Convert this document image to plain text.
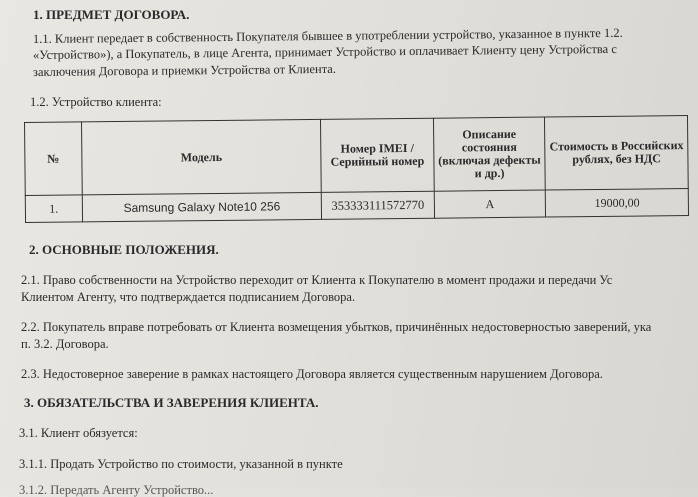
1. ПРЕДМЕТ ДОГОВОРА.
1.1. Клиент передает в собственность Покупателя бывшее в употреблении устройство, указанное в пункте 1.2.
«Устройство»), а Покупатель, в лице Агента, принимает Устройство и оплачивает Клиенту цену Устройства с
заключения Договора и приемки Устройства от Клиента.
1.2. Устройство клиента:
№	Модель	Номер IMEI / Серийный номер	Описание состояния (включая дефекты и др.)	Стоимость в Российских рублях, без НДС
1.	Samsung Galaxy Note10 256	353333111572770	A	19000,00
2. ОСНОВНЫЕ ПОЛОЖЕНИЯ.
2.1. Право собственности на Устройство переходит от Клиента к Покупателю в момент продажи и передачи Ус
Клиентом Агенту, что подтверждается подписанием Договора.
2.2. Покупатель вправе потребовать от Клиента возмещения убытков, причинённых недостоверностью заверений, ука
п. 3.2. Договора.
2.3. Недостоверное заверение в рамках настоящего Договора является существенным нарушением Договора.
3. ОБЯЗАТЕЛЬСТВА И ЗАВЕРЕНИЯ КЛИЕНТА.
3.1. Клиент обязуется:
3.1.1. Продать Устройство по стоимости, указанной в пункте
3.1.2. Передать Агенту Устройство...
